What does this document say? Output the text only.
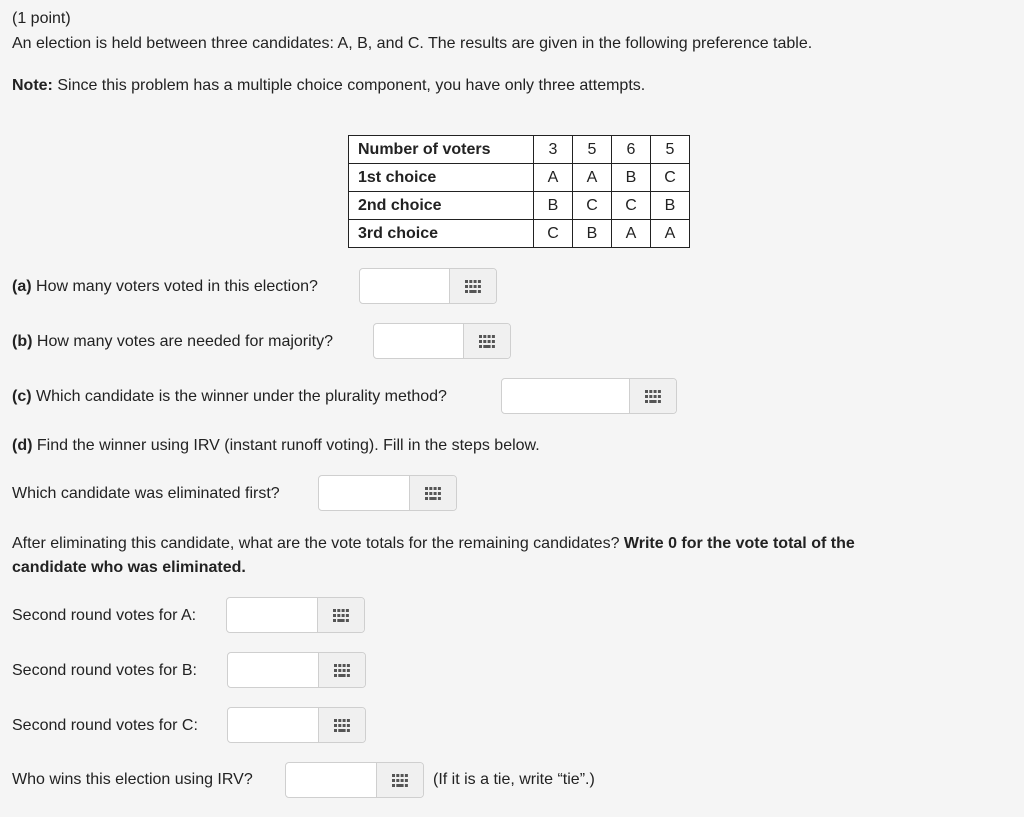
(1 point)
An election is held between three candidates: A, B, and C. The results are given in the following preference table.
Note: Since this problem has a multiple choice component, you have only three attempts.
Number of voters	3	5	6	5
1st choice	A	A	B	C
2nd choice	B	C	C	B
3rd choice	C	B	A	A
(a) How many voters voted in this election?
(b) How many votes are needed for majority?
(c) Which candidate is the winner under the plurality method?
(d) Find the winner using IRV (instant runoff voting). Fill in the steps below.
Which candidate was eliminated first?
After eliminating this candidate, what are the vote totals for the remaining candidates? Write 0 for the vote total of the
candidate who was eliminated.
Second round votes for A:
Second round votes for B:
Second round votes for C:
Who wins this election using IRV?	(If it is a tie, write “tie”.)
